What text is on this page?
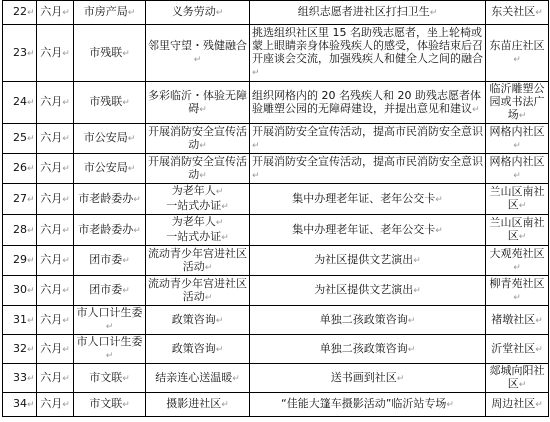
22↵	六月↵	市房产局↵	义务劳动↵	组织志愿者进社区打扫卫生↵	东关社区↵
23↵	六月↵	市残联↵	邻里守望・残健融合↵	挑选组织社区里 15 名助残志愿者，坐上轮椅或蒙上眼睛亲身体验残疾人的感受，体验结束后召开座谈会交流，加强残疾人和健全人之间的融合↵	东苗庄社区↵
24↵	六月↵	市残联↵	多彩临沂・体验无障碍↵	组织网格内的 20 名残疾人和 20 助残志愿者体验雕塑公园的无障碍建设，并提出意见和建议↵	临沂雕塑公园或书法广场↵
25↵	六月↵	市公安局↵	开展消防安全宣传活动↵	开展消防安全宣传活动，提高市民消防安全意识↵	网格内社区↵
26↵	六月↵	市公安局↵	开展消防安全宣传活动↵	开展消防安全宣传活动，提高市民消防安全意识↵	网格内社区↵
27↵	六月↵	市老龄委办↵	为老年人↵
一站式办证↵	集中办理老年证、老年公交卡↵	兰山区南社区↵
28↵	六月↵	市老龄委办↵	为老年人↵
一站式办证↵	集中办理老年证、老年公交卡↵	兰山区南社区↵
29↵	六月↵	团市委↵	流动青少年宫进社区活动↵	为社区提供文艺演出↵	大观苑社区↵
30↵	六月↵	团市委↵	流动青少年宫进社区活动↵	为社区提供文艺演出↵	柳青苑社区↵
31↵	六月↵	市人口计生委↵	政策咨询↵	单独二孩政策咨询↵	褚墩社区↵
32↵	六月↵	市人口计生委↵	政策咨询↵	单独二孩政策咨询↵	沂堂社区↵
33↵	六月↵	市文联↵	结亲连心送温暖↵	送书画到社区↵	郯城向阳社区↵
34↵	六月↵	市文联↵	摄影进社区↵	“佳能大篷车摄影活动”临沂站专场↵	周边社区↵
